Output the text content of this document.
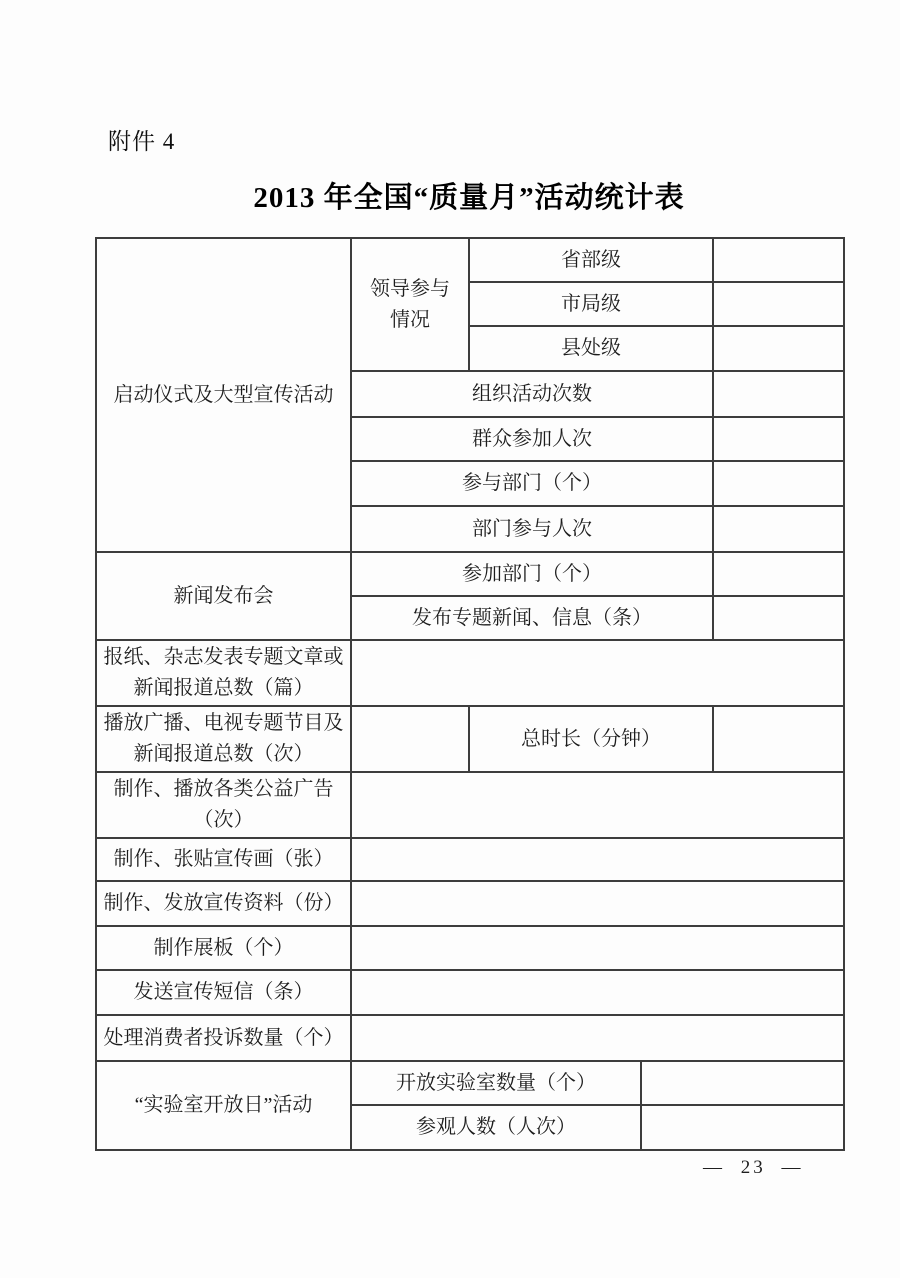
附件 4
2013 年全国“质量月”活动统计表
启动仪式及大型宣传活动	领导参与情况	省部级		
		市局级		
		县处级		
	组织活动次数			
	群众参加人次			
	参与部门（个）			
	部门参与人次			
新闻发布会	参加部门（个）			
	发布专题新闻、信息（条）			
报纸、杂志发表专题文章或新闻报道总数（篇）				
播放广播、电视专题节目及新闻报道总数（次）		总时长（分钟）		
制作、播放各类公益广告（次）				
制作、张贴宣传画（张）				
制作、发放宣传资料（份）				
制作展板（个）				
发送宣传短信（条）				
处理消费者投诉数量（个）				
“实验室开放日”活动	开放实验室数量（个）			
	参观人数（人次）			
— 23 —
